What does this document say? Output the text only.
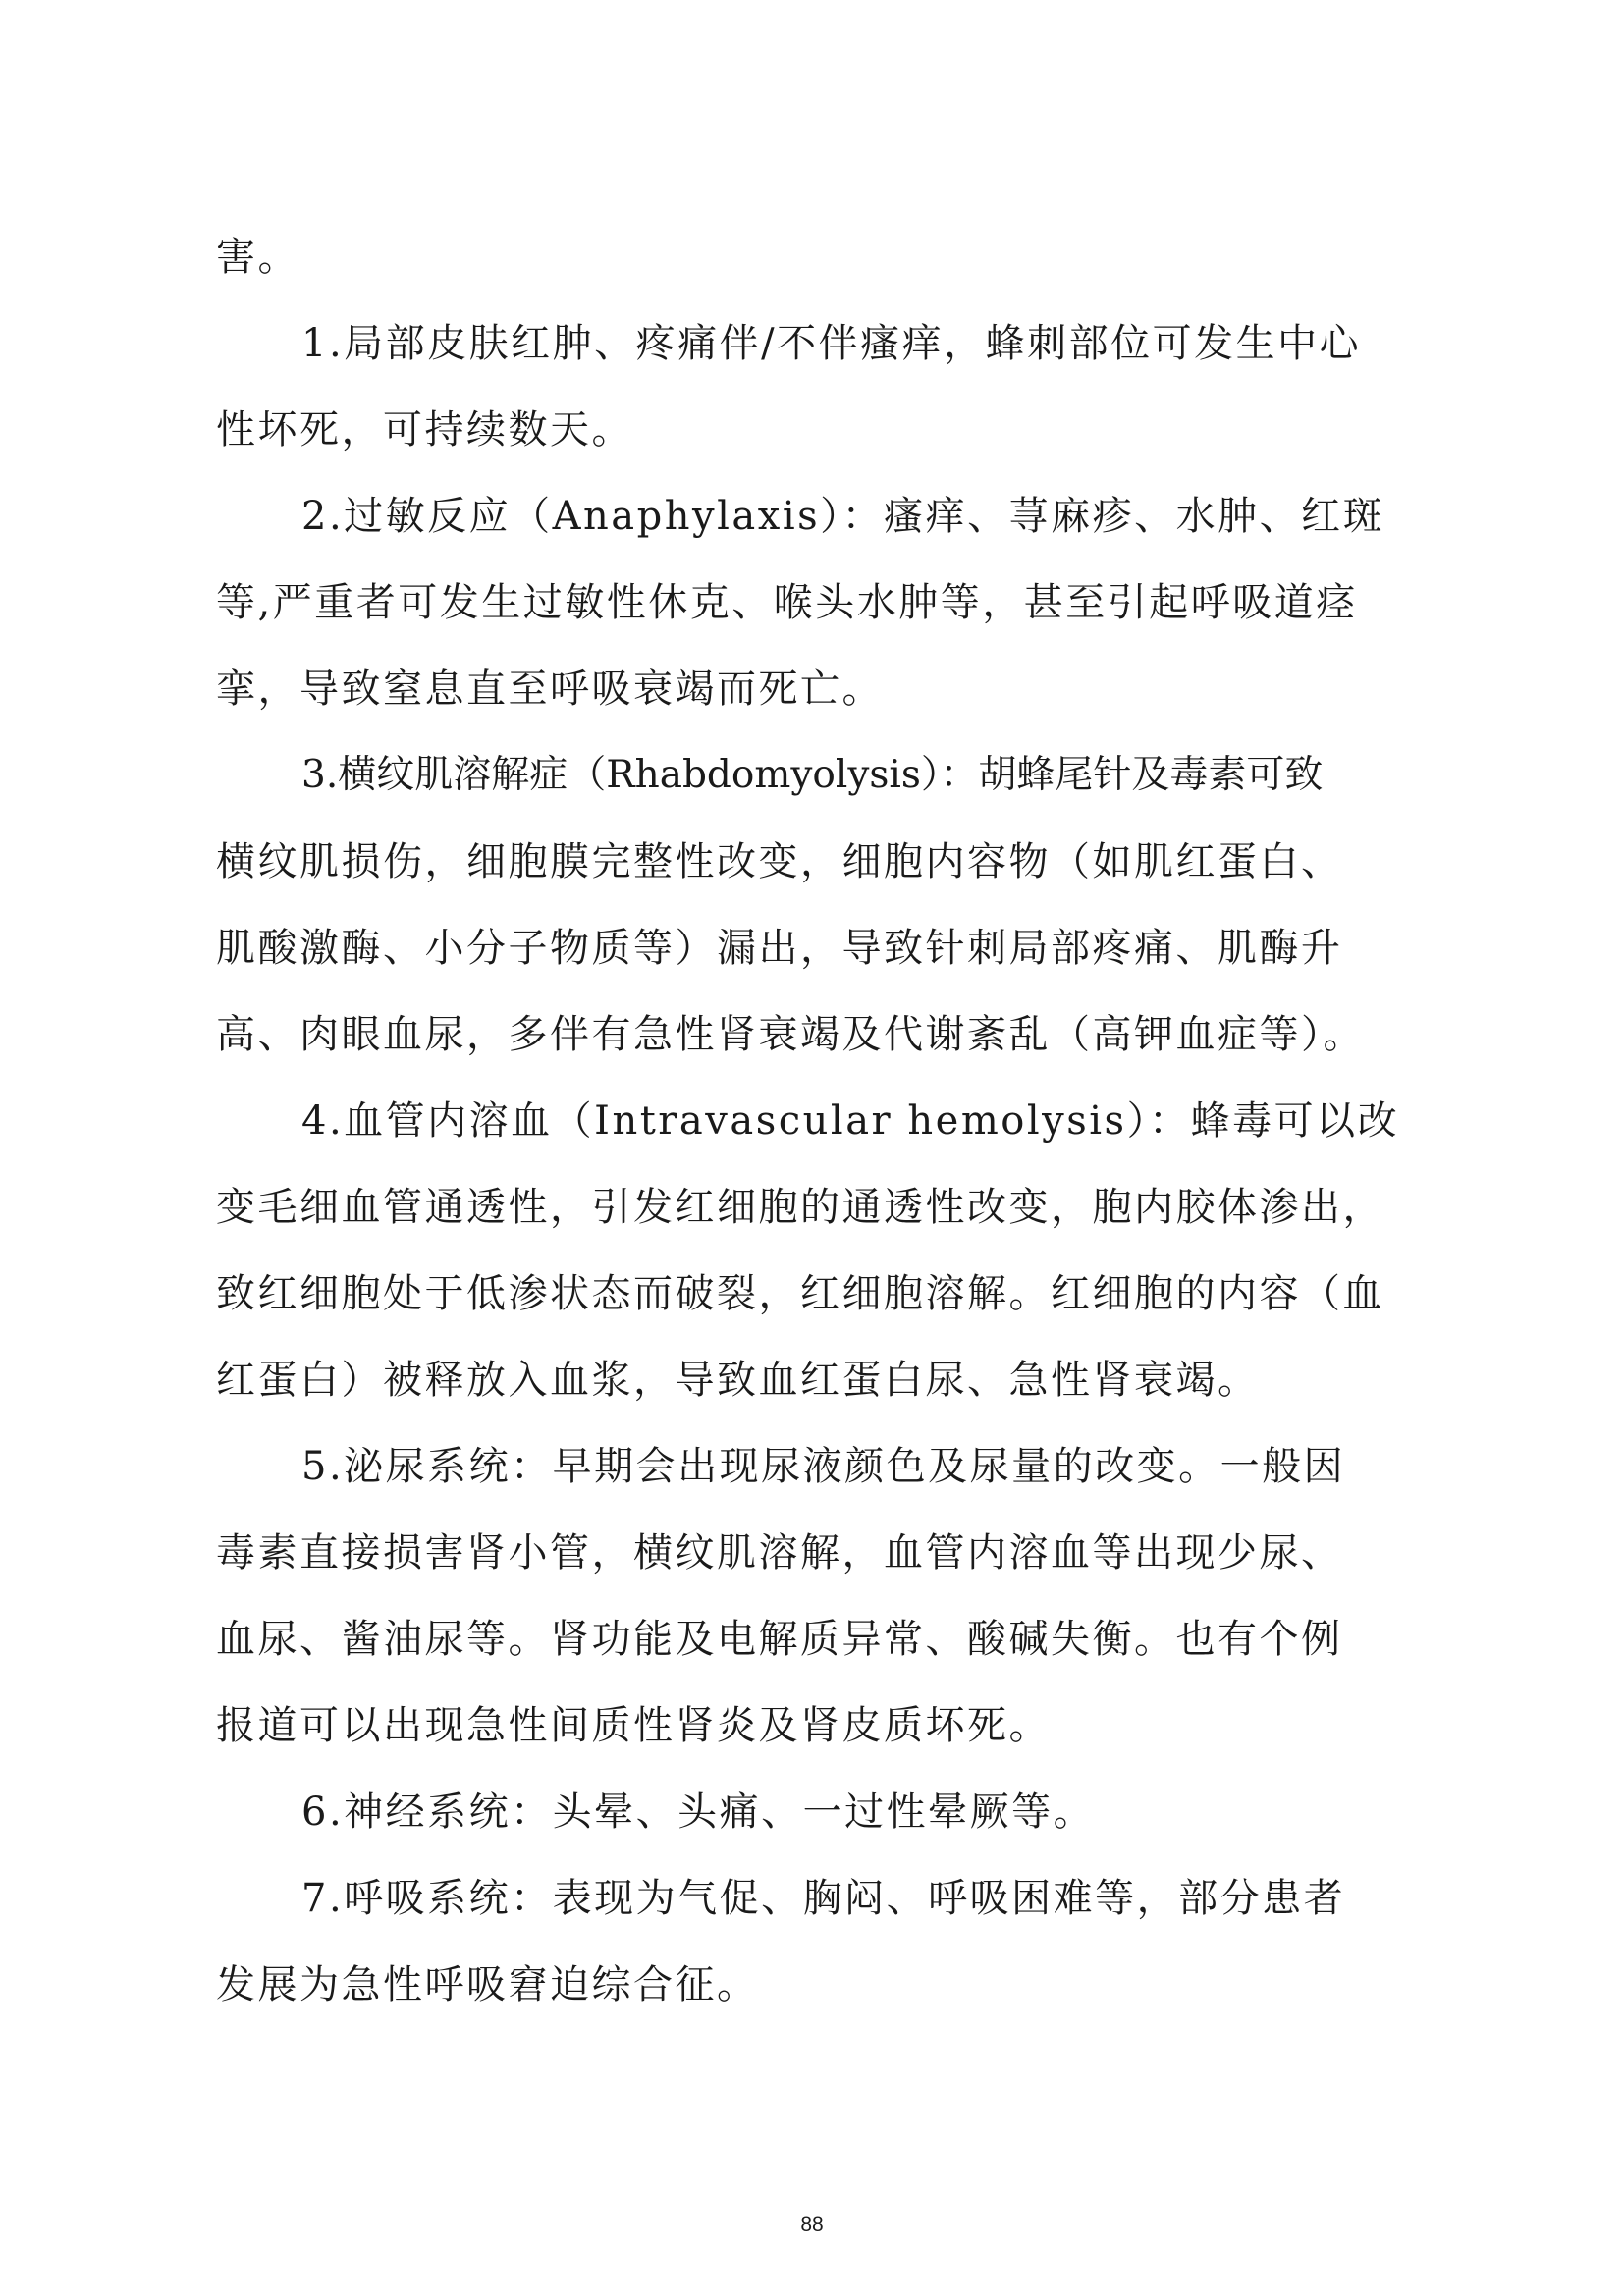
害。
1.局部皮肤红肿、疼痛伴/不伴瘙痒，蜂刺部位可发生中心
性坏死，可持续数天。
2.过敏反应（Anaphylaxis）：瘙痒、荨麻疹、水肿、红斑
等,严重者可发生过敏性休克、喉头水肿等，甚至引起呼吸道痉
挛，导致窒息直至呼吸衰竭而死亡。
3.横纹肌溶解症（Rhabdomyolysis）：胡蜂尾针及毒素可致
横纹肌损伤，细胞膜完整性改变，细胞内容物（如肌红蛋白、
肌酸激酶、小分子物质等）漏出，导致针刺局部疼痛、肌酶升
高、肉眼血尿，多伴有急性肾衰竭及代谢紊乱（高钾血症等）。
4.血管内溶血（Intravascular hemolysis）：蜂毒可以改
变毛细血管通透性，引发红细胞的通透性改变，胞内胶体渗出，
致红细胞处于低渗状态而破裂，红细胞溶解。红细胞的内容（血
红蛋白）被释放入血浆，导致血红蛋白尿、急性肾衰竭。
5.泌尿系统：早期会出现尿液颜色及尿量的改变。一般因
毒素直接损害肾小管，横纹肌溶解，血管内溶血等出现少尿、
血尿、酱油尿等。肾功能及电解质异常、酸碱失衡。也有个例
报道可以出现急性间质性肾炎及肾皮质坏死。
6.神经系统：头晕、头痛、一过性晕厥等。
7.呼吸系统：表现为气促、胸闷、呼吸困难等，部分患者
发展为急性呼吸窘迫综合征。
88
